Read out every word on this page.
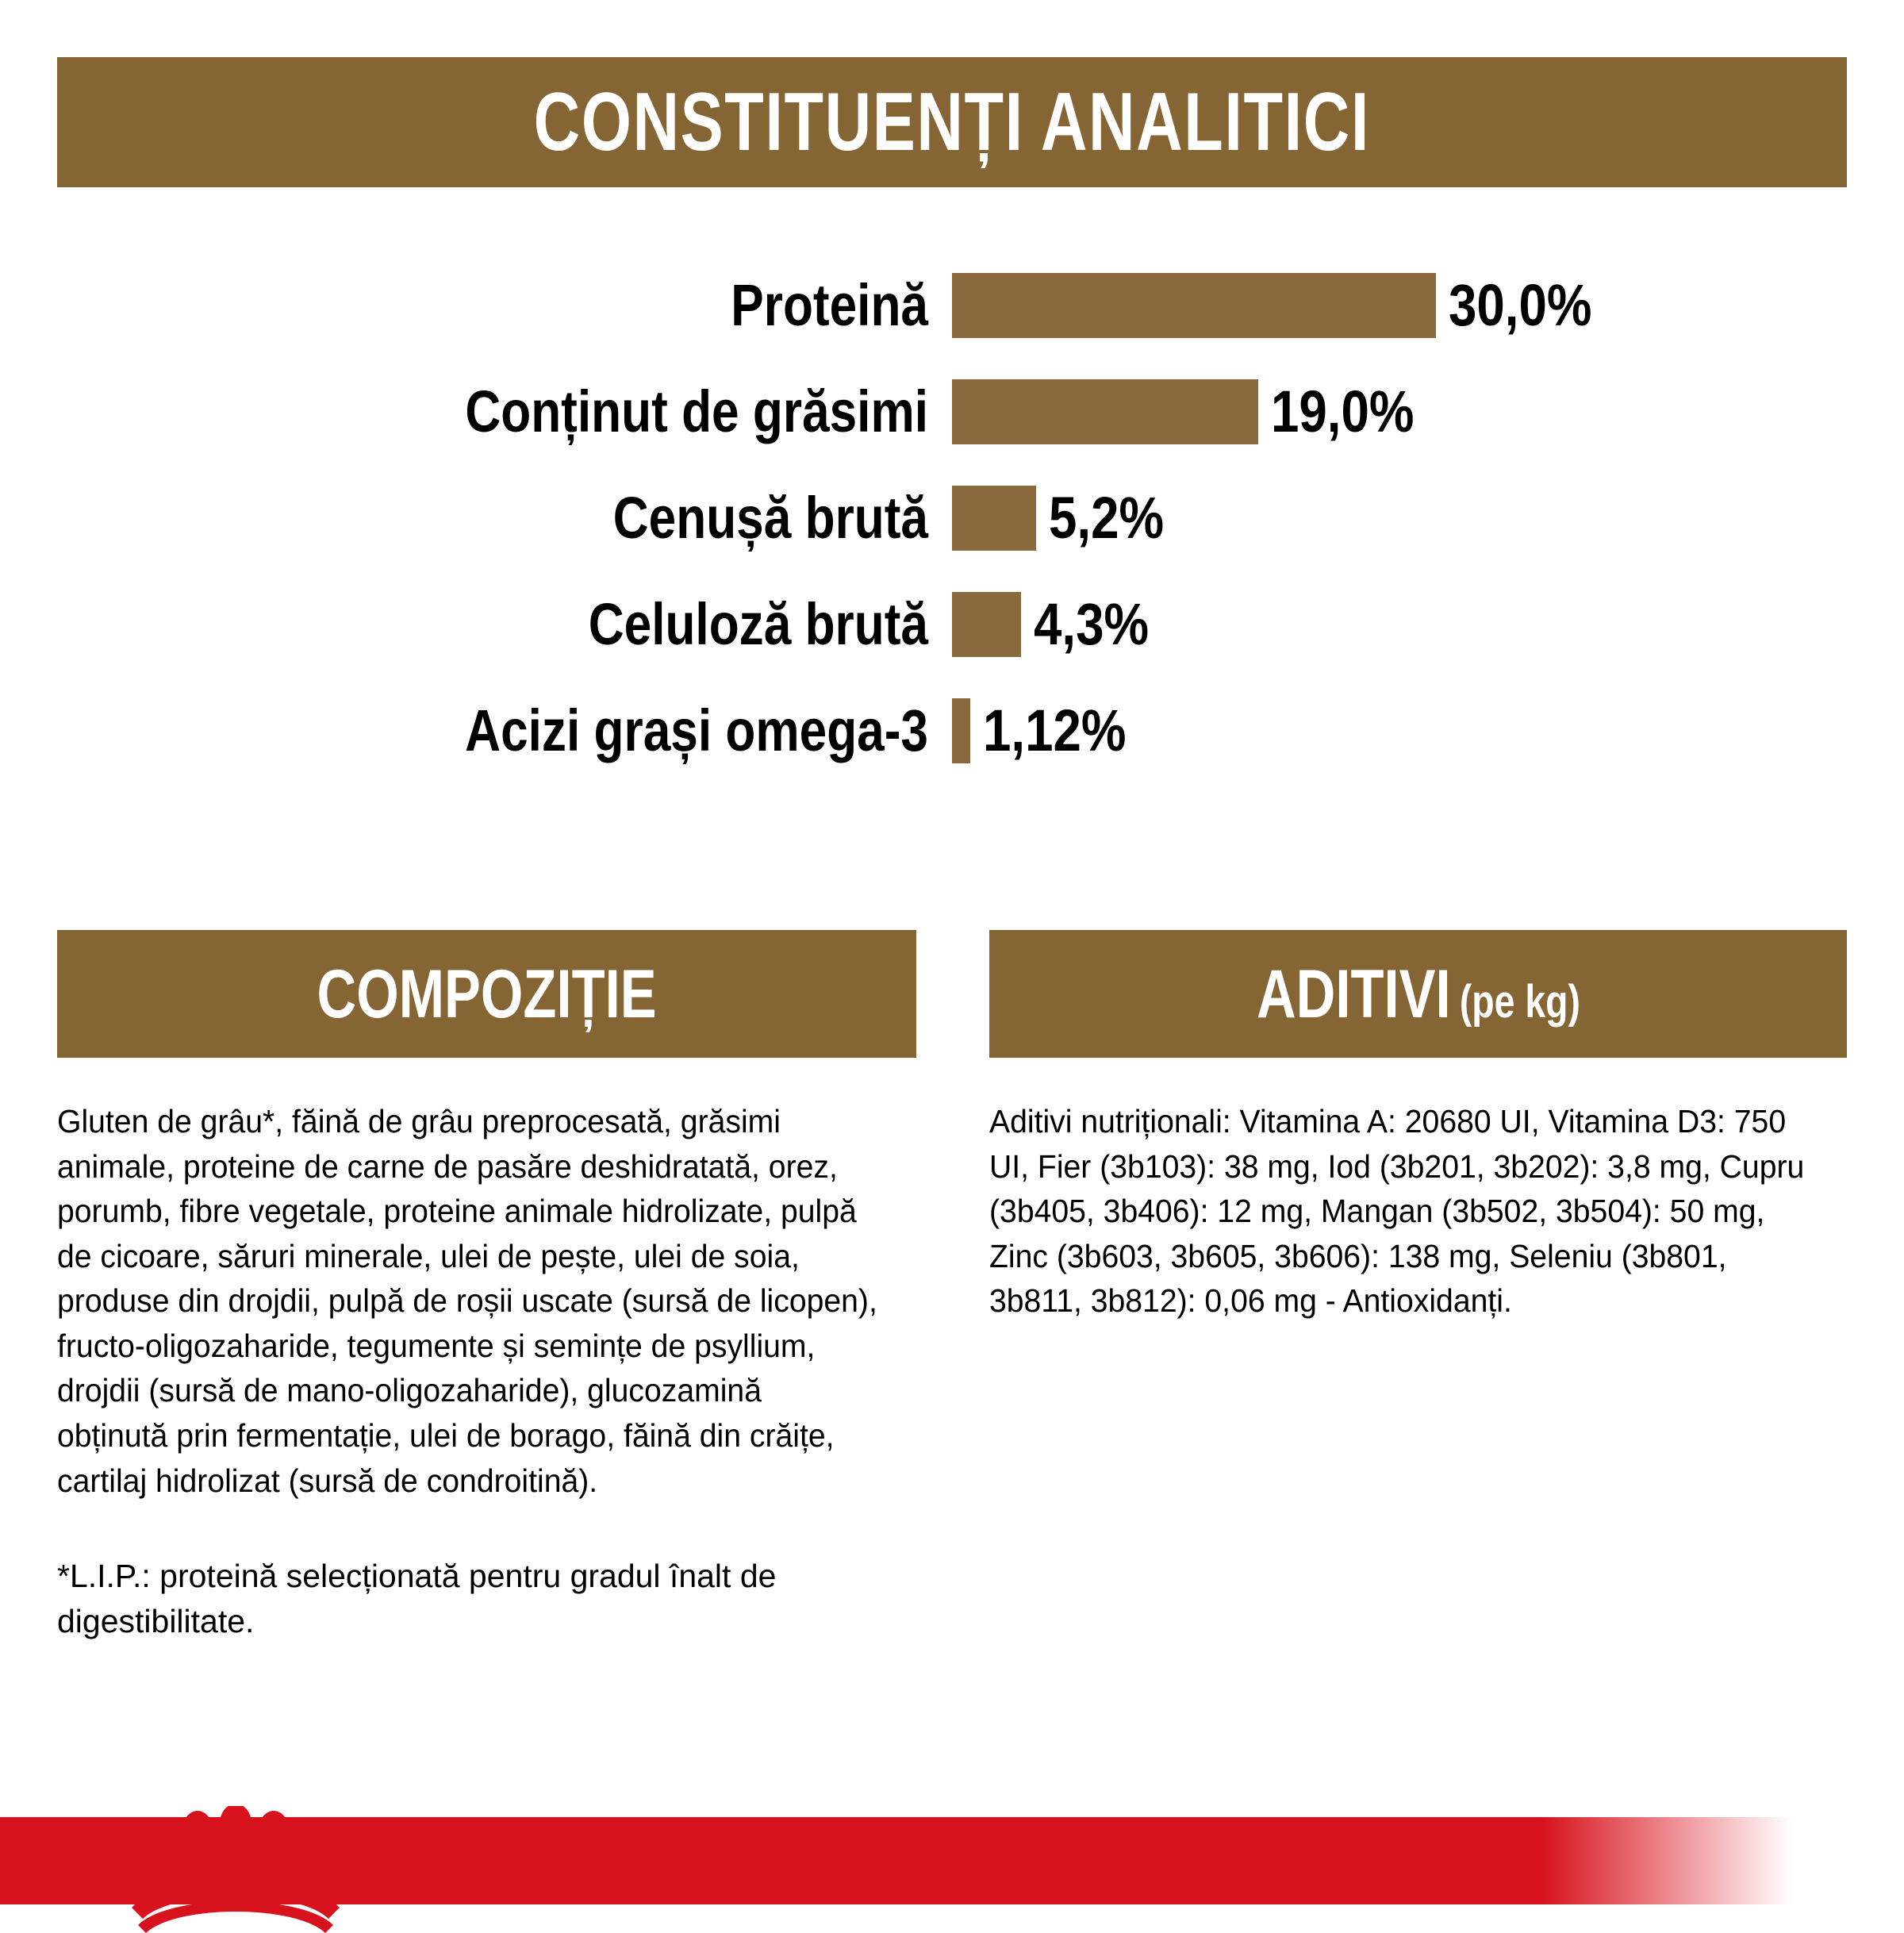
CONSTITUENȚI ANALITICI
Proteină	30,0%
Conținut de grăsimi	19,0%
Cenușă brută 5,2%
Celuloză brută 4,3%
Acizi grași omega-3 1,12%
COMPOZIȚIE
Gluten de grâu*, făină de grâu preprocesată, grăsimi animale, proteine de carne de pasăre deshidratată, orez, porumb, fibre vegetale, proteine animale hidrolizate, pulpă de cicoare, săruri minerale, ulei de pește, ulei de soia, produse din drojdii, pulpă de roșii uscate (sursă de licopen), fructo-oligozaharide, tegumente și semințe de psyllium, drojdii (sursă de mano-oligozaharide), glucozamină obținută prin fermentație, ulei de borago, făină din crăițe, cartilaj hidrolizat (sursă de condroitină).
*L.I.P.: proteină selecționată pentru gradul înalt de digestibilitate.
ADITIVI (pe kg)
Aditivi nutriționali: Vitamina A: 20680 UI, Vitamina D3: 750 UI, Fier (3b103): 38 mg, Iod (3b201, 3b202): 3,8 mg, Cupru (3b405, 3b406): 12 mg, Mangan (3b502, 3b504): 50 mg, Zinc (3b603, 3b605, 3b606): 138 mg, Seleniu (3b801, 3b811, 3b812): 0,06 mg - Antioxidanți.
